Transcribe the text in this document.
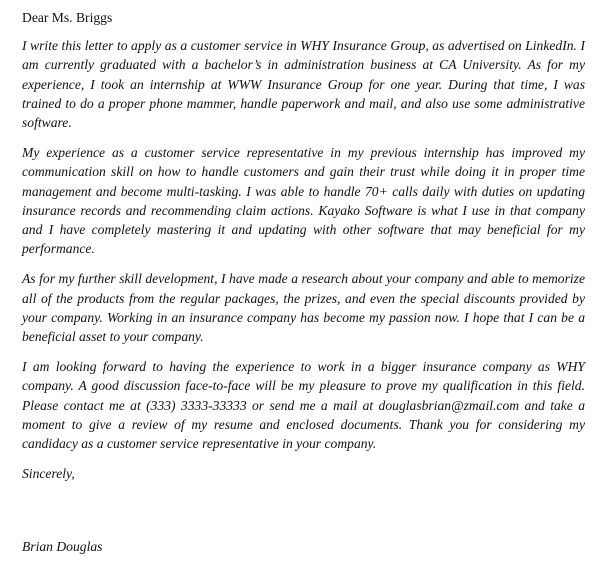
Dear Ms. Briggs

I write this letter to apply as a customer service in WHY Insurance Group, as advertised on LinkedIn. I am currently graduated with a bachelor’s in administration business at CA University. As for my experience, I took an internship at WWW Insurance Group for one year. During that time, I was trained to do a proper phone mammer, handle paperwork and mail, and also use some administrative software.

My experience as a customer service representative in my previous internship has improved my communication skill on how to handle customers and gain their trust while doing it in proper time management and become multi-tasking. I was able to handle 70+ calls daily with duties on updating insurance records and recommending claim actions. Kayako Software is what I use in that company and I have completely mastering it and updating with other software that may beneficial for my performance.

As for my further skill development, I have made a research about your company and able to memorize all of the products from the regular packages, the prizes, and even the special discounts provided by your company. Working in an insurance company has become my passion now. I hope that I can be a beneficial asset to your company.

I am looking forward to having the experience to work in a bigger insurance company as WHY company. A good discussion face-to-face will be my pleasure to prove my qualification in this field. Please contact me at (333) 3333-33333 or send me a mail at douglasbrian@zmail.com and take a moment to give a review of my resume and enclosed documents. Thank you for considering my candidacy as a customer service representative in your company.

Sincerely,

Brian Douglas
